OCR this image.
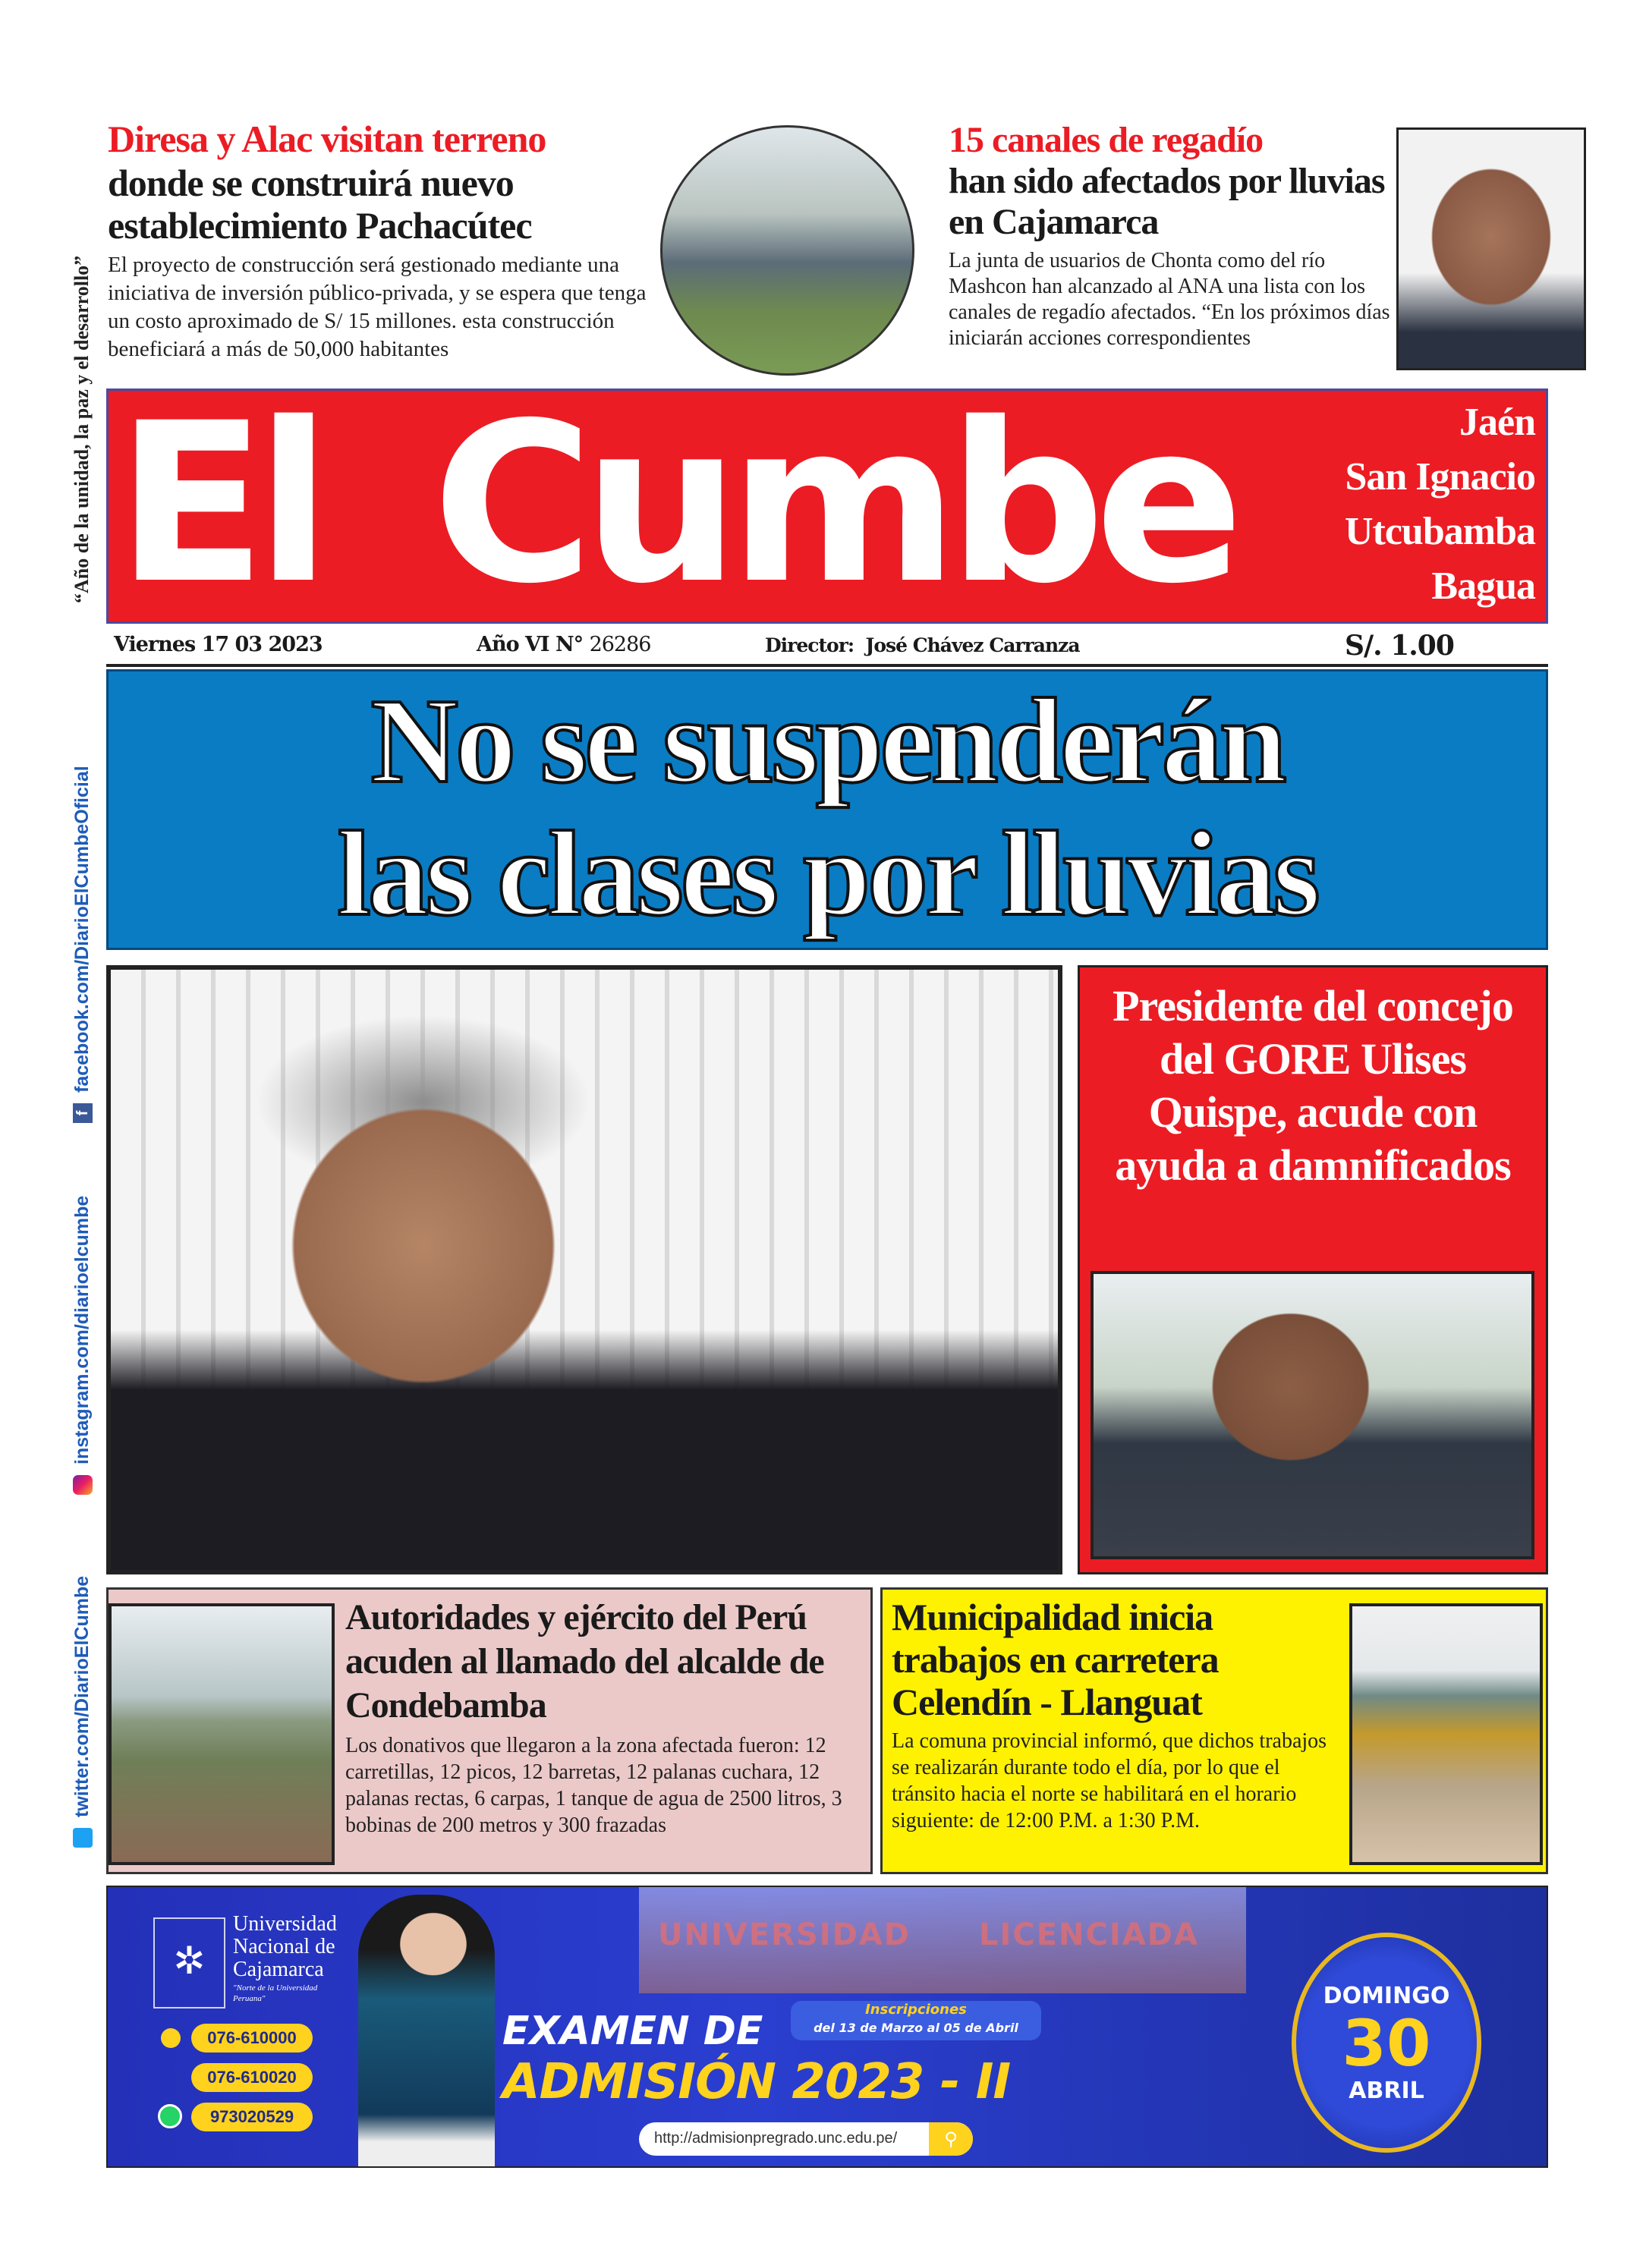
“Año de la unidad, la paz y el desarrollo”
ffacebook.com/DiarioElCumbeOficial
instagram.com/diarioelcumbe
twitter.com/DiarioElCumbe
Diresa y Alac visitan terreno
donde se construirá nuevo establecimiento Pachacútec
El proyecto de construcción será gestionado mediante una iniciativa de inversión público-privada, y se espera que tenga un costo aproximado de S/ 15 millones. esta construcción beneficiará a más de 50,000 habitantes
15 canales de regadío
han sido afectados por lluvias en Cajamarca
La junta de usuarios de Chonta como del río Mashcon han alcanzado al ANA una lista con los canales de regadío afectados. “En los próximos días iniciarán acciones correspondientes
El Cumbe	Jaén
San Ignacio
Utcubamba
Bagua
Viernes 17 03 2023	Año VI N° 26286	Director: José Chávez Carranza	S/. 1.00
No se suspenderán
las clases por lluvias
Presidente del concejo del GORE Ulises Quispe, acude con ayuda a damnificados
Autoridades y ejército del Perú acuden al llamado del alcalde de Condebamba
Los donativos que llegaron a la zona afectada fueron: 12 carretillas, 12 picos, 12 barretas, 12 palanas cuchara, 12 palanas rectas, 6 carpas, 1 tanque de agua de 2500 litros, 3 bobinas de 200 metros y 300 frazadas
Municipalidad inicia trabajos en carretera Celendín - Llanguat
La comuna provincial informó, que dichos trabajos se realizarán durante todo el día, por lo que el tránsito hacia el norte se habilitará en el horario siguiente: de 12:00 P.M. a 1:30 P.M.
UNIVERSIDAD LICENCIADA
✲
Universidad
Nacional de
Cajamarca
"Norte de la Universidad Peruana"
076-610000
076-610020
973020529
EXAMEN DE	Inscripciones
del 13 de Marzo al 05 de Abril
ADMISIÓN 2023 - II
http://admisionpregrado.unc.edu.pe/	⚲
DOMINGO
30
ABRIL
